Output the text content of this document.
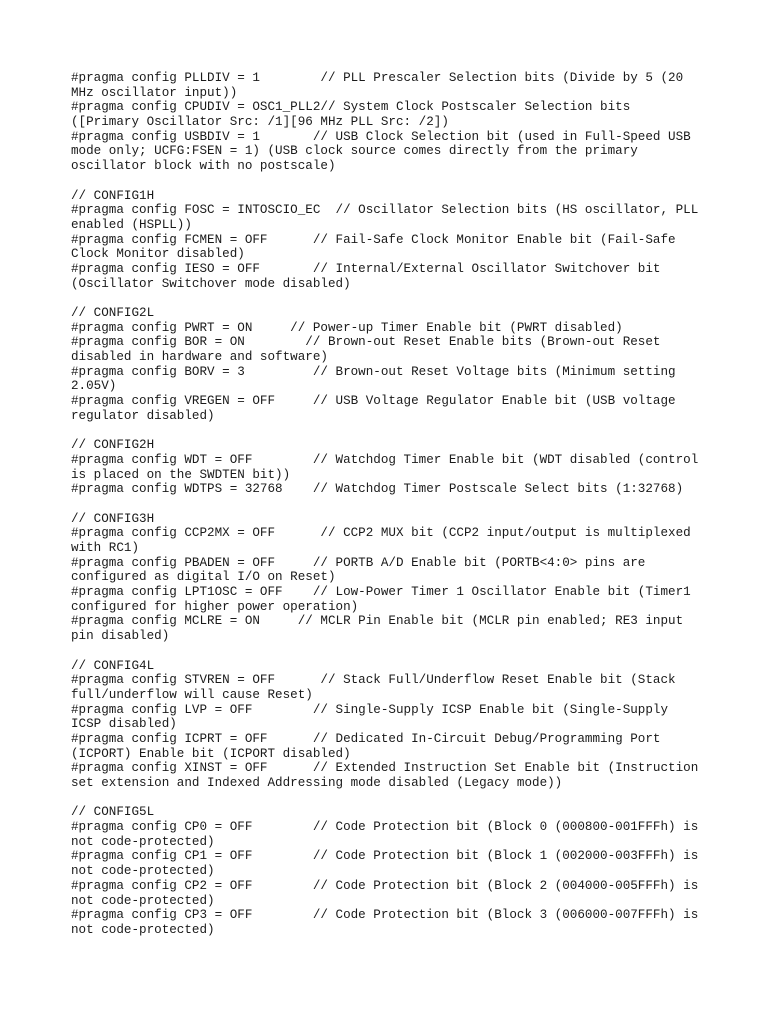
#pragma config PLLDIV = 1        // PLL Prescaler Selection bits (Divide by 5 (20
MHz oscillator input))
#pragma config CPUDIV = OSC1_PLL2// System Clock Postscaler Selection bits
([Primary Oscillator Src: /1][96 MHz PLL Src: /2])
#pragma config USBDIV = 1       // USB Clock Selection bit (used in Full-Speed USB
mode only; UCFG:FSEN = 1) (USB clock source comes directly from the primary
oscillator block with no postscale)
// CONFIG1H
#pragma config FOSC = INTOSCIO_EC  // Oscillator Selection bits (HS oscillator, PLL
enabled (HSPLL))
#pragma config FCMEN = OFF      // Fail-Safe Clock Monitor Enable bit (Fail-Safe
Clock Monitor disabled)
#pragma config IESO = OFF       // Internal/External Oscillator Switchover bit
(Oscillator Switchover mode disabled)
// CONFIG2L
#pragma config PWRT = ON     // Power-up Timer Enable bit (PWRT disabled)
#pragma config BOR = ON        // Brown-out Reset Enable bits (Brown-out Reset
disabled in hardware and software)
#pragma config BORV = 3         // Brown-out Reset Voltage bits (Minimum setting
2.05V)
#pragma config VREGEN = OFF     // USB Voltage Regulator Enable bit (USB voltage
regulator disabled)
// CONFIG2H
#pragma config WDT = OFF        // Watchdog Timer Enable bit (WDT disabled (control
is placed on the SWDTEN bit))
#pragma config WDTPS = 32768    // Watchdog Timer Postscale Select bits (1:32768)
// CONFIG3H
#pragma config CCP2MX = OFF      // CCP2 MUX bit (CCP2 input/output is multiplexed
with RC1)
#pragma config PBADEN = OFF     // PORTB A/D Enable bit (PORTB<4:0> pins are
configured as digital I/O on Reset)
#pragma config LPT1OSC = OFF    // Low-Power Timer 1 Oscillator Enable bit (Timer1
configured for higher power operation)
#pragma config MCLRE = ON     // MCLR Pin Enable bit (MCLR pin enabled; RE3 input
pin disabled)
// CONFIG4L
#pragma config STVREN = OFF      // Stack Full/Underflow Reset Enable bit (Stack
full/underflow will cause Reset)
#pragma config LVP = OFF        // Single-Supply ICSP Enable bit (Single-Supply
ICSP disabled)
#pragma config ICPRT = OFF      // Dedicated In-Circuit Debug/Programming Port
(ICPORT) Enable bit (ICPORT disabled)
#pragma config XINST = OFF      // Extended Instruction Set Enable bit (Instruction
set extension and Indexed Addressing mode disabled (Legacy mode))
// CONFIG5L
#pragma config CP0 = OFF        // Code Protection bit (Block 0 (000800-001FFFh) is
not code-protected)
#pragma config CP1 = OFF        // Code Protection bit (Block 1 (002000-003FFFh) is
not code-protected)
#pragma config CP2 = OFF        // Code Protection bit (Block 2 (004000-005FFFh) is
not code-protected)
#pragma config CP3 = OFF        // Code Protection bit (Block 3 (006000-007FFFh) is
not code-protected)
